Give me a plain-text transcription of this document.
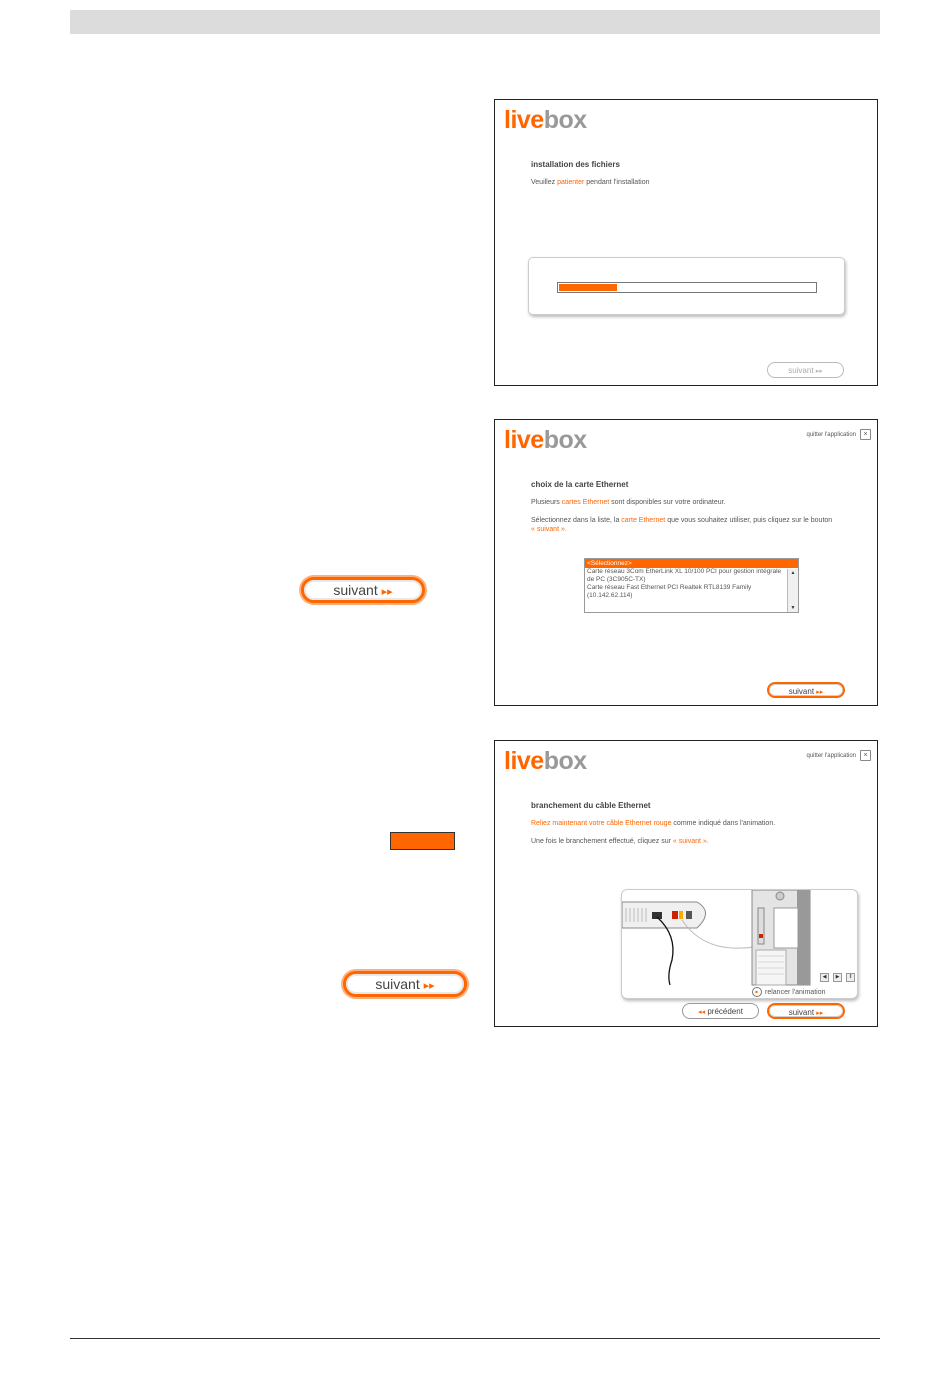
suivant ▸▸
suivant ▸▸
livebox
installation des fichiers
Veuillez patienter pendant l'installation
suivant ▸▸
livebox	quitter l'application	×
choix de la carte Ethernet
Plusieurs cartes Ethernet sont disponibles sur votre ordinateur.
Sélectionnez dans la liste, la carte Ethernet que vous souhaitez utiliser, puis cliquez sur le bouton
« suivant ».
<Sélectionnez>
Carte réseau 3Com EtherLink XL 10/100 PCI pour gestion intégrale de PC (3C905C-TX)
Carte réseau Fast Ethernet PCI Realtek RTL8139 Family (10.142.62.114)
▲
▼
suivant ▸▸
livebox	quitter l'application	×
branchement du câble Ethernet
Reliez maintenant votre câble Ethernet rouge comme indiqué dans l'animation.
Une fois le branchement effectué, cliquez sur « suivant ».
◀	▶	‖
▶ relancer l'animation
◂◂ précédent	suivant ▸▸
